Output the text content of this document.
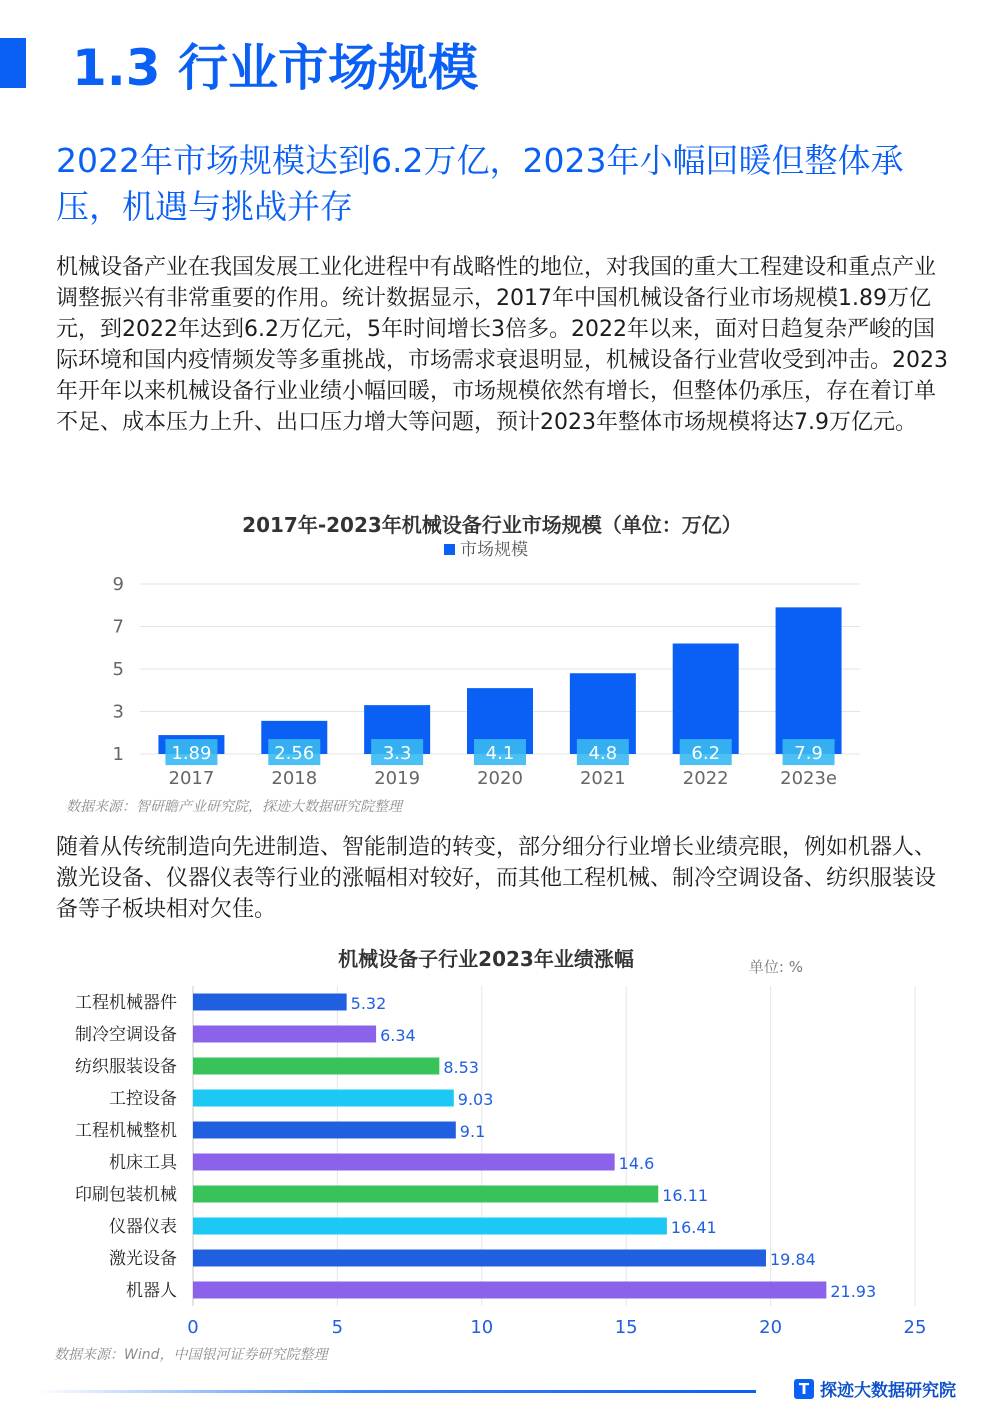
1.3 行业市场规模
2022年市场规模达到6.2万亿，2023年小幅回暖但整体承压，机遇与挑战并存
机械设备产业在我国发展工业化进程中有战略性的地位，对我国的重大工程建设和重点产业调整振兴有非常重要的作用。统计数据显示，2017年中国机械设备行业市场规模1.89万亿元，到2022年达到6.2万亿元，5年时间增长3倍多。2022年以来，面对日趋复杂严峻的国际环境和国内疫情频发等多重挑战，市场需求衰退明显，机械设备行业营收受到冲击。2023年开年以来机械设备行业业绩小幅回暖，市场规模依然有增长，但整体仍承压，存在着订单不足、成本压力上升、出口压力增大等问题，预计2023年整体市场规模将达7.9万亿元。
2017年-2023年机械设备行业市场规模（单位：万亿）
市场规模
1
3
5
7
9
1.89
2017
2.56
2018
3.3
2019
4.1
2020
4.8
2021
6.2
2022
7.9
2023e
数据来源：智研瞻产业研究院，探迹大数据研究院整理
随着从传统制造向先进制造、智能制造的转变，部分细分行业增长业绩亮眼，例如机器人、激光设备、仪器仪表等行业的涨幅相对较好，而其他工程机械、制冷空调设备、纺织服装设备等子板块相对欠佳。
机械设备子行业2023年业绩涨幅	单位: %
0	5	10	15	20	25
5.32
工程机械器件
6.34
制冷空调设备
8.53
纺织服装设备
9.03
工控设备
9.1
工程机械整机
14.6
机床工具
16.11
印刷包装机械
16.41
仪器仪表
19.84
激光设备
21.93
机器人
数据来源：Wind，中国银河证券研究院整理
T 探迹大数据研究院
